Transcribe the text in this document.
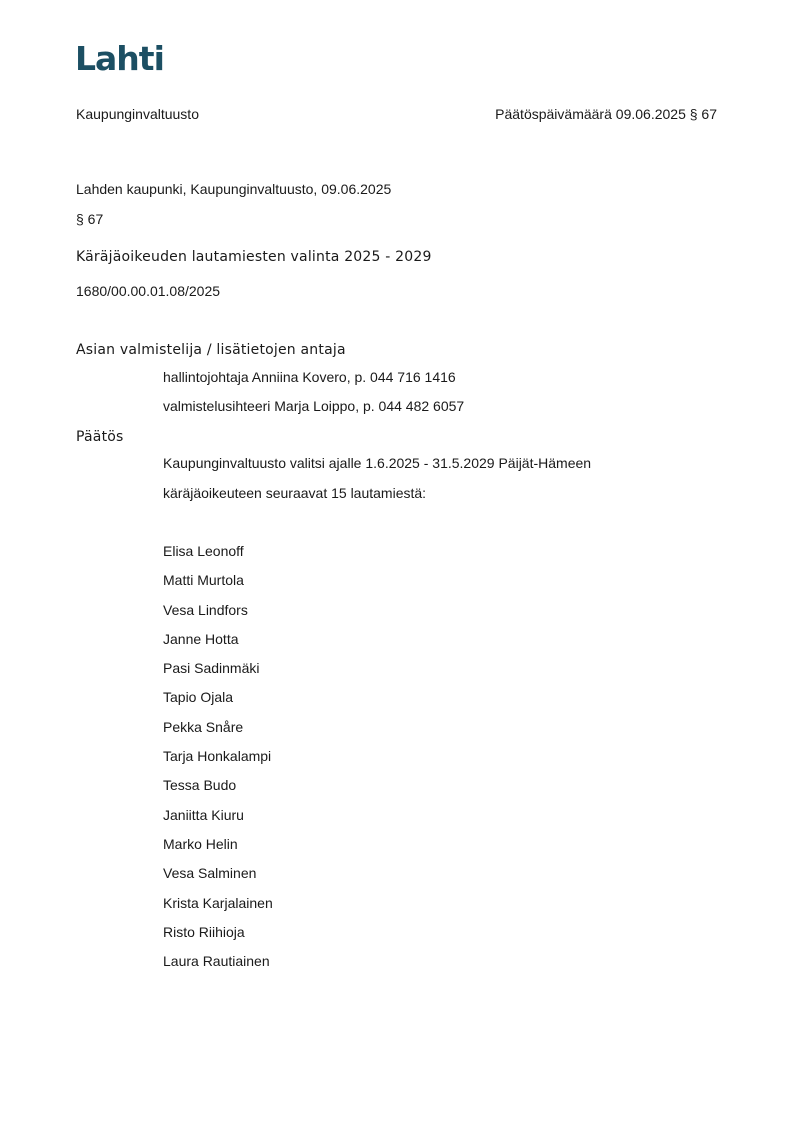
Lahti
Kaupunginvaltuusto	Päätöspäivämäärä 09.06.2025 § 67
Lahden kaupunki, Kaupunginvaltuusto, 09.06.2025
§ 67
Käräjäoikeuden lautamiesten valinta 2025 - 2029
1680/00.00.01.08/2025
Asian valmistelija / lisätietojen antaja
hallintojohtaja Anniina Kovero, p. 044 716 1416
valmistelusihteeri Marja Loippo, p. 044 482 6057
Päätös
Kaupunginvaltuusto valitsi ajalle 1.6.2025 - 31.5.2029 Päijät-Hämeen
käräjäoikeuteen seuraavat 15 lautamiestä:
Elisa Leonoff
Matti Murtola
Vesa Lindfors
Janne Hotta
Pasi Sadinmäki
Tapio Ojala
Pekka Snåre
Tarja Honkalampi
Tessa Budo
Janiitta Kiuru
Marko Helin
Vesa Salminen
Krista Karjalainen
Risto Riihioja
Laura Rautiainen
